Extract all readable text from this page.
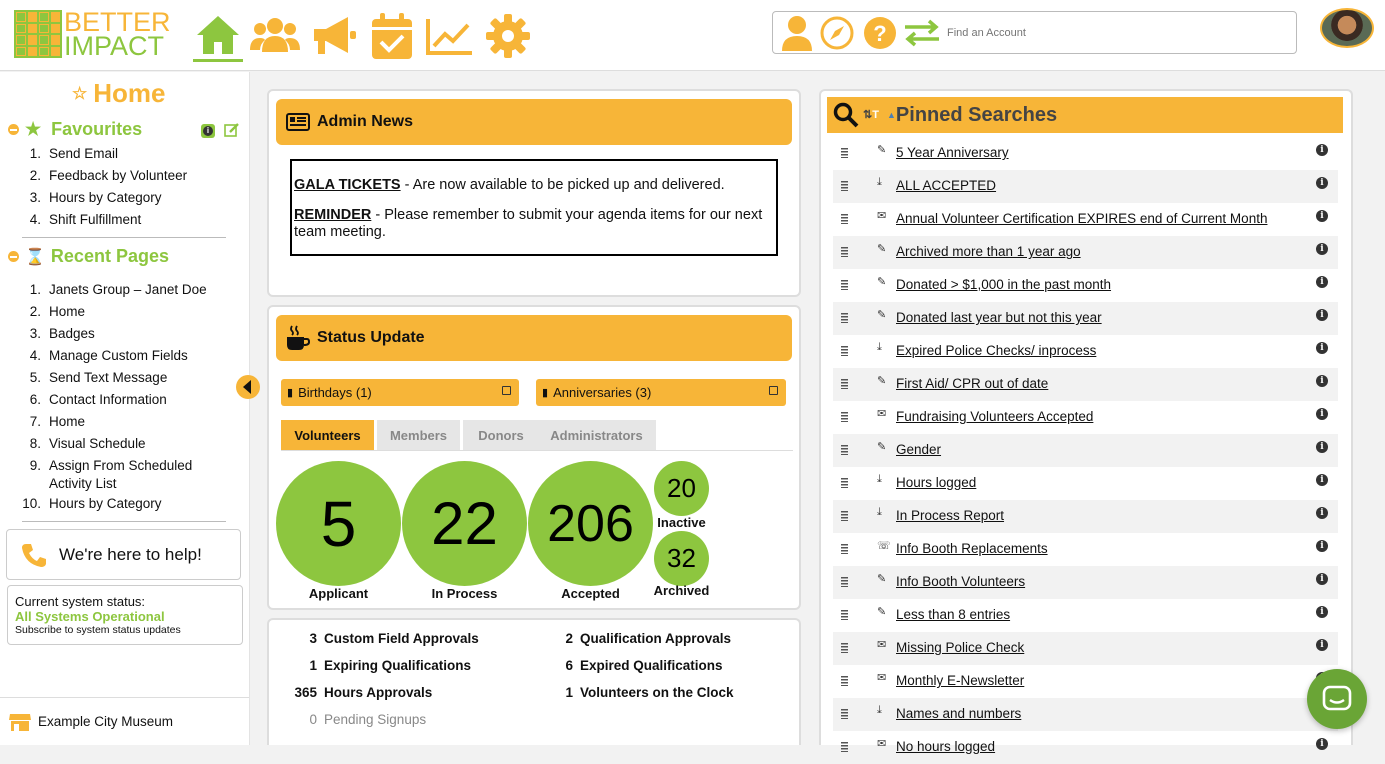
BETTER
IMPACT	?
Find an Account
☆ Home
★ Favourites	i
1. Send Email
2. Feedback by Volunteer
3. Hours by Category
4. Shift Fulfillment
⌛ Recent Pages
1. Janets Group – Janet Doe
2. Home
3. Badges
4. Manage Custom Fields
5. Send Text Message
6. Contact Information
7. Home
8. Visual Schedule
9. Assign From Scheduled Activity List
10. Hours by Category
We're here to help!
Current system status:
All Systems Operational
Subscribe to system status updates
Example City Museum
Admin News

GALA TICKETS - Are now available to be picked up and delivered.

REMINDER - Please remember to submit your agenda items for our next team meeting.

Status Update
▮ Birthdays (1)	▮ Anniversaries (3)
Volunteers	Members	Donors	Administrators
5
Applicant
22
In Process
206
Accepted
20
Inactive
32
Archived
3 Custom Field Approvals	2 Qualification Approvals
1 Expiring Qualifications	6 Expired Qualifications
365 Hours Approvals	1 Volunteers on the Clock
0 Pending Signups
⇅T ▲ Pinned Searches
✎ 5 Year Anniversary	i
⤓ ALL ACCEPTED	i
✉ Annual Volunteer Certification EXPIRES end of Current Month	i
✎ Archived more than 1 year ago	i
✎ Donated > $1,000 in the past month	i
✎ Donated last year but not this year	i
⤓ Expired Police Checks/ inprocess	i
✎ First Aid/ CPR out of date	i
✉ Fundraising Volunteers Accepted	i
✎ Gender	i
⤓ Hours logged	i
⤓ In Process Report	i
☏ Info Booth Replacements	i
✎ Info Booth Volunteers	i
✎ Less than 8 entries	i
✉ Missing Police Check	i
✉ Monthly E-Newsletter
⤓ Names and numbers
✉ No hours logged	i
